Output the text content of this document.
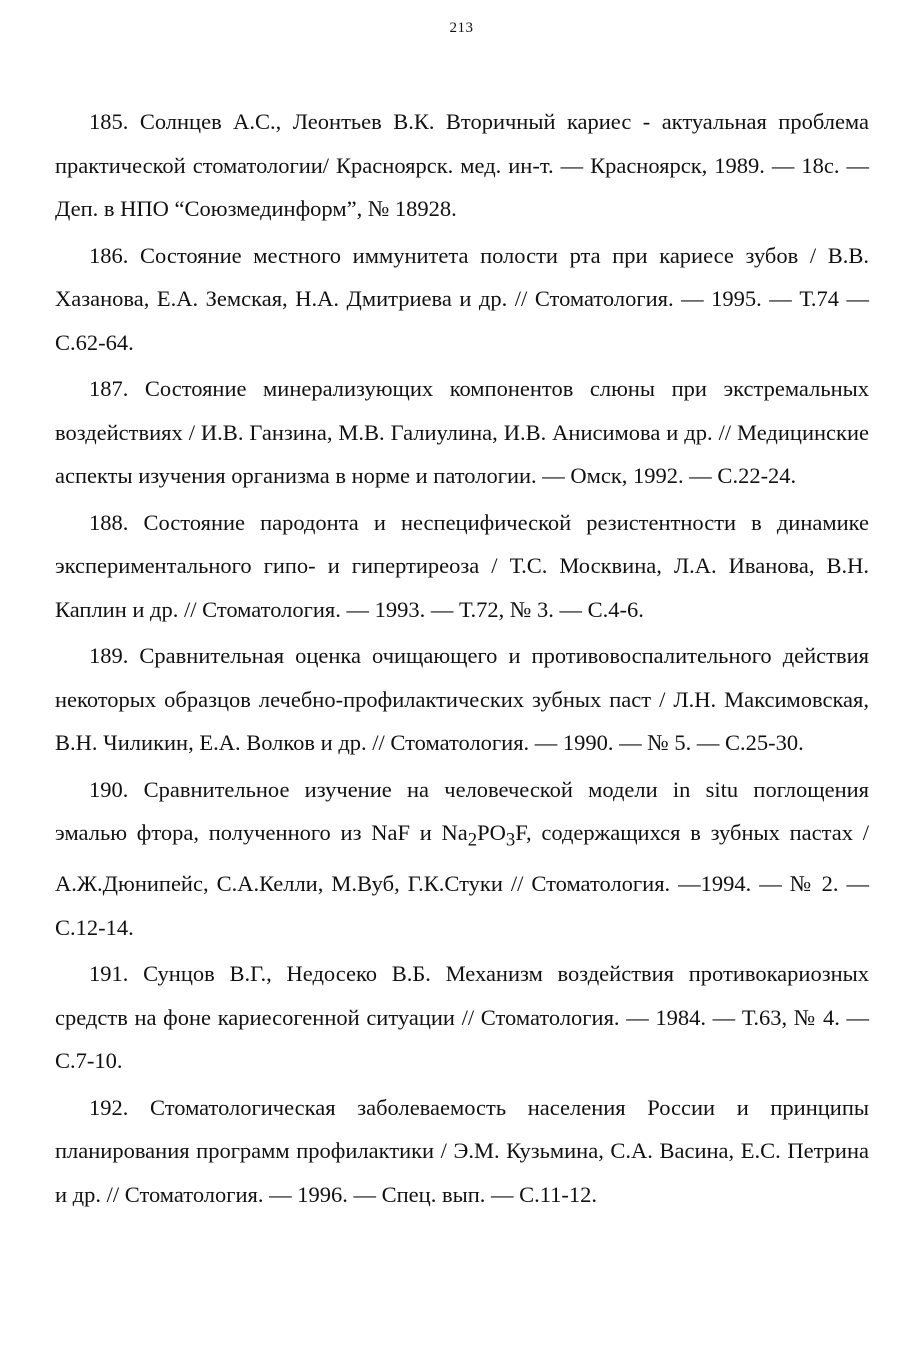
213

185. Солнцев А.С., Леонтьев В.К. Вторичный кариес - актуальная проблема практической стоматологии/ Красноярск. мед. ин-т. — Красноярск, 1989. — 18с. — Деп. в НПО “Союзмединформ”, № 18928.

186. Состояние местного иммунитета полости рта при кариесе зубов / В.В. Хазанова, Е.А. Земская, Н.А. Дмитриева и др. // Стоматология. — 1995. — Т.74 — С.62-64.

187. Состояние минерализующих компонентов слюны при экстремальных воздействиях / И.В. Ганзина, М.В. Галиулина, И.В. Анисимова и др. // Медицинские аспекты изучения организма в норме и патологии. — Омск, 1992. — С.22-24.

188. Состояние пародонта и неспецифической резистентности в динамике экспериментального гипо- и гипертиреоза / Т.С. Москвина, Л.А. Иванова, В.Н. Каплин и др. // Стоматология. — 1993. — Т.72, № 3. — С.4-6.

189. Сравнительная оценка очищающего и противовоспалительного действия некоторых образцов лечебно-профилактических зубных паст / Л.Н. Максимовская, В.Н. Чиликин, Е.А. Волков и др. // Стоматология. — 1990. — № 5. — С.25-30.

190. Сравнительное изучение на человеческой модели in situ поглощения эмалью фтора, полученного из NaF и $Na_2PO_3F$, содержащихся в зубных пастах / А.Ж.Дюнипейс, С.А.Келли, М.Вуб, Г.К.Стуки // Стоматология. —1994. — № 2. — С.12-14.

191. Сунцов В.Г., Недосеко В.Б. Механизм воздействия противокариозных средств на фоне кариесогенной ситуации // Стоматология. — 1984. — Т.63, № 4. — С.7-10.

192. Стоматологическая заболеваемость населения России и принципы планирования программ профилактики / Э.М. Кузьмина, С.А. Васина, Е.С. Петрина и др. // Стоматология. — 1996. — Спец. вып. — С.11-12.
